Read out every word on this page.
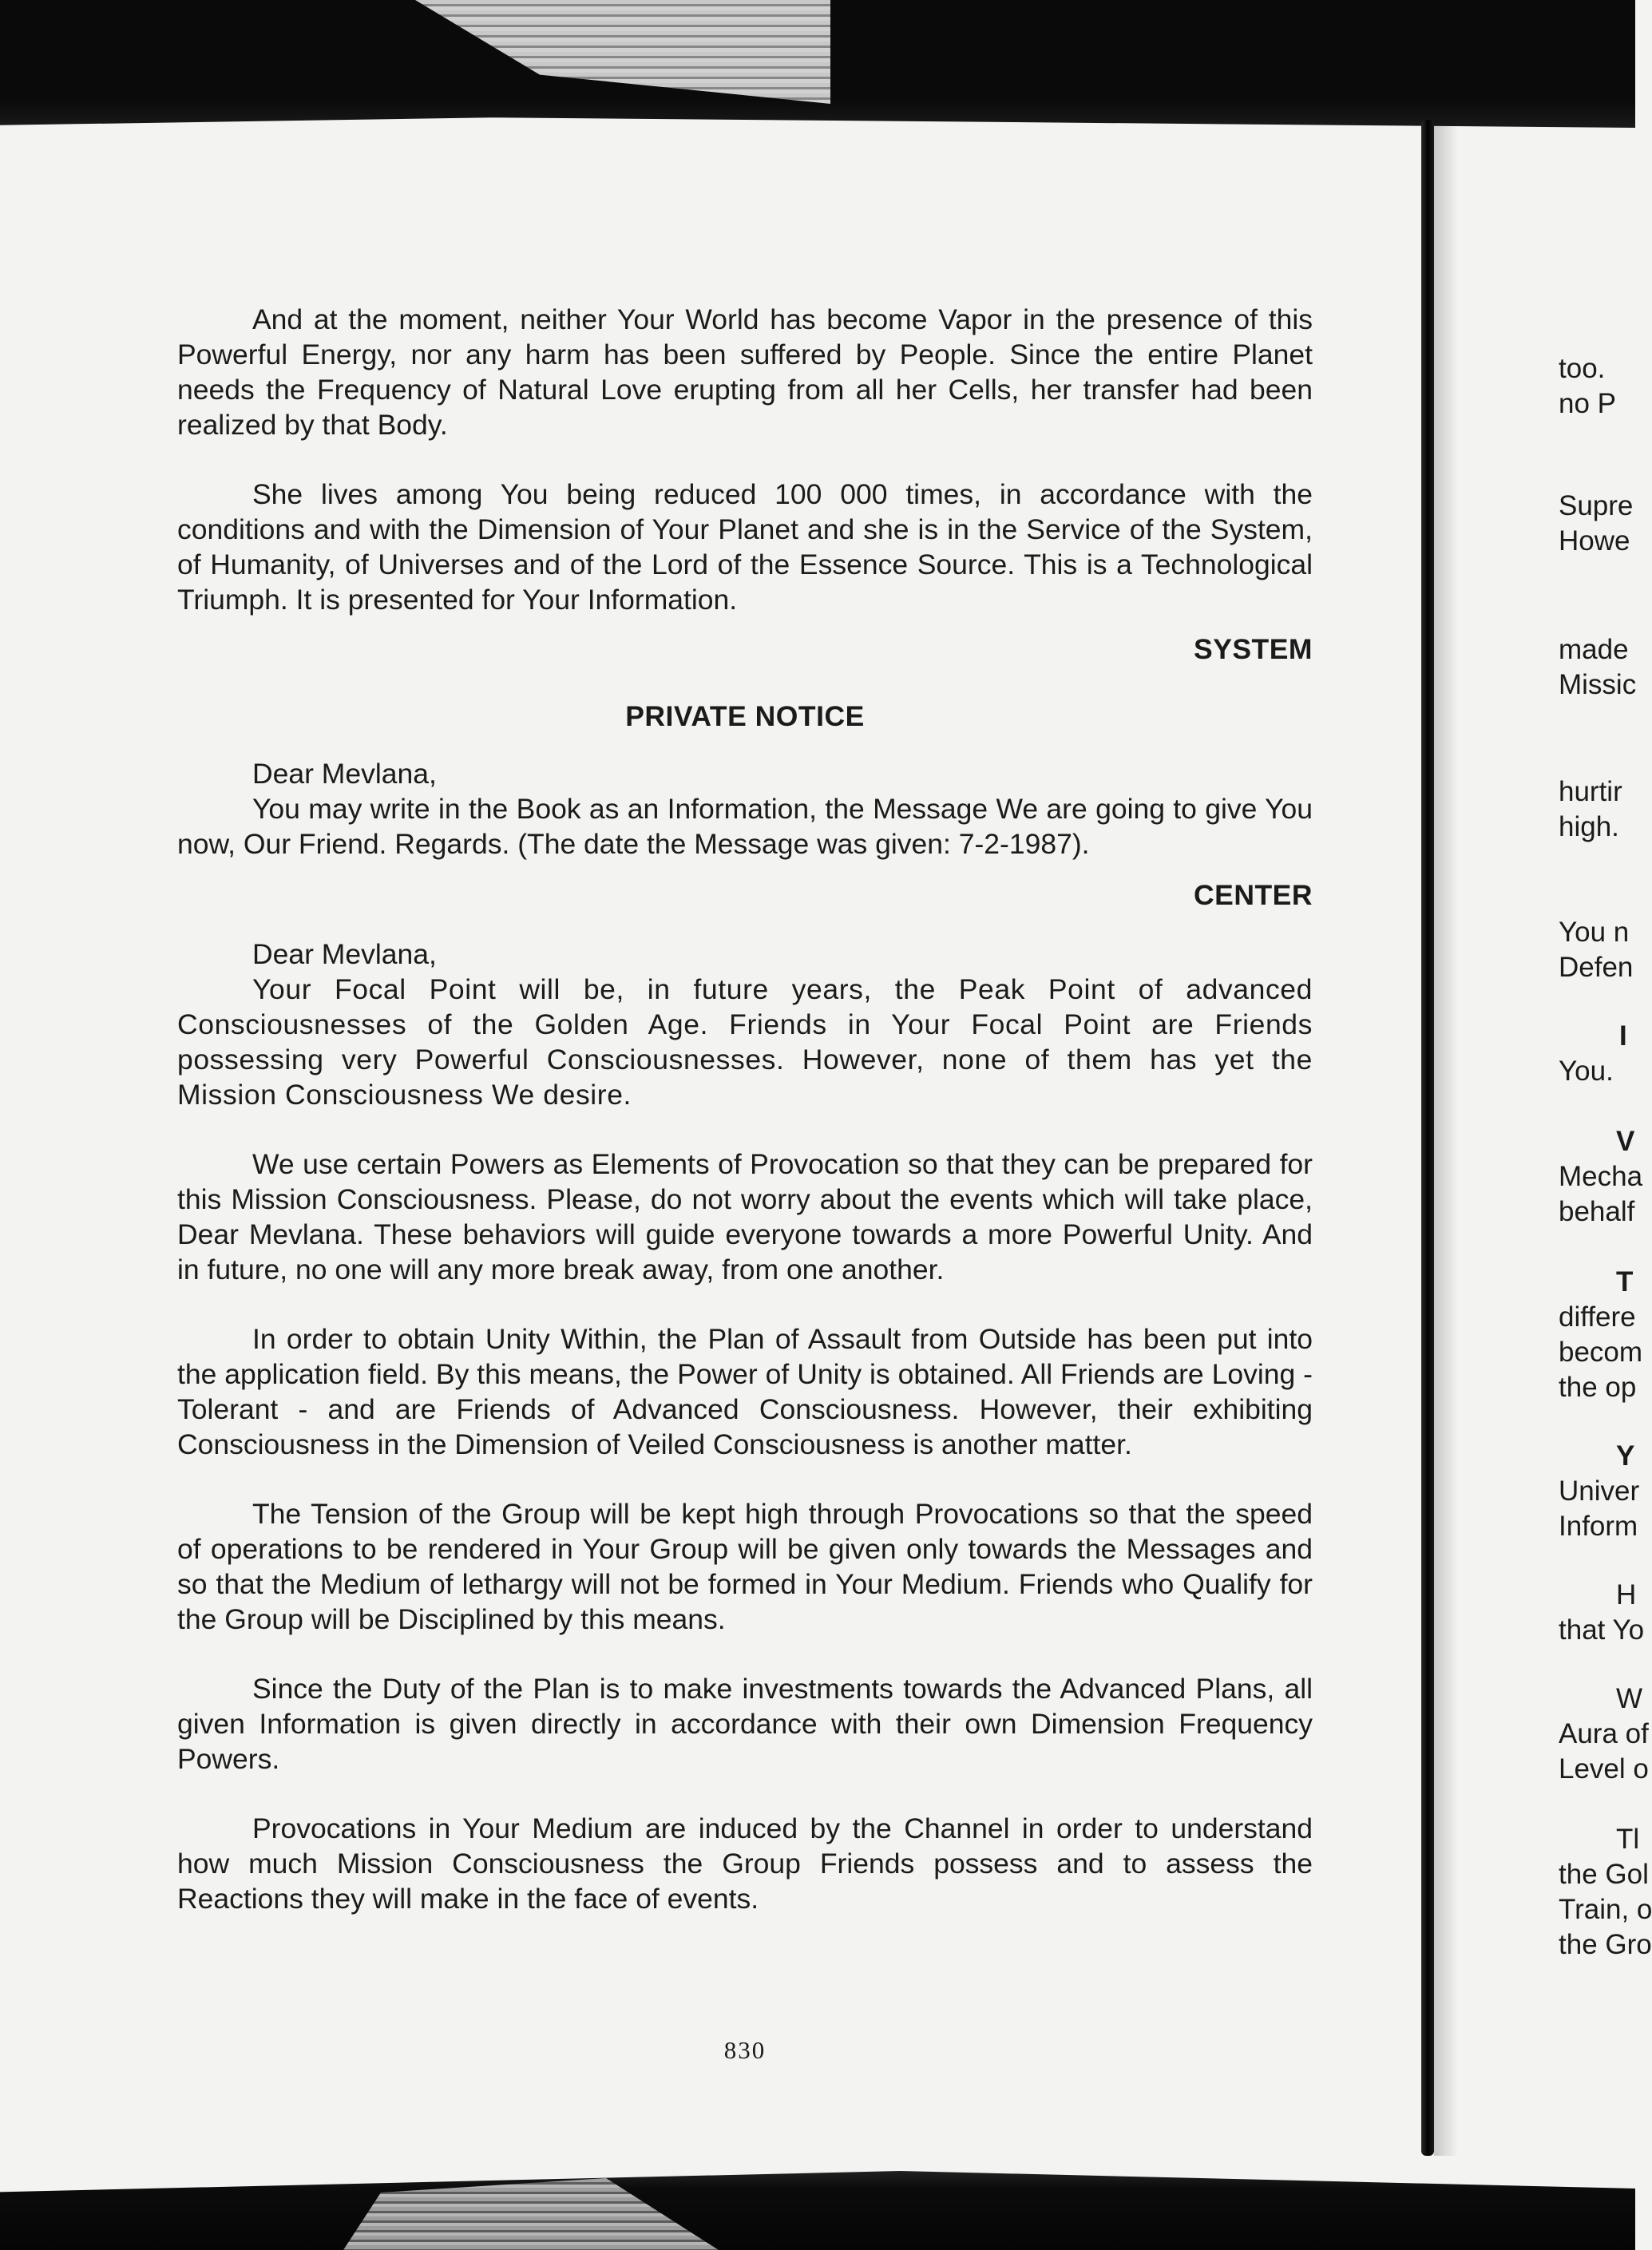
And at the moment, neither Your World has become Vapor in the presence of this Powerful Energy, nor any harm has been suffered by People. Since the entire Planet needs the Frequency of Natural Love erupting from all her Cells, her transfer had been realized by that Body.

She lives among You being reduced 100 000 times, in accordance with the conditions and with the Dimension of Your Planet and she is in the Service of the System, of Humanity, of Universes and of the Lord of the Essence Source. This is a Technological Triumph. It is presented for Your Information.

SYSTEM

PRIVATE NOTICE

Dear Mevlana,

You may write in the Book as an Information, the Message We are going to give You now, Our Friend. Regards. (The date the Message was given: 7-2-1987).

CENTER

Dear Mevlana,

Your Focal Point will be, in future years, the Peak Point of advanced Consciousnesses of the Golden Age. Friends in Your Focal Point are Friends possessing very Powerful Consciousnesses. However, none of them has yet the Mission Consciousness We desire.

We use certain Powers as Elements of Provocation so that they can be prepared for this Mission Consciousness. Please, do not worry about the events which will take place, Dear Mevlana. These behaviors will guide everyone towards a more Powerful Unity. And in future, no one will any more break away, from one another.

In order to obtain Unity Within, the Plan of Assault from Outside has been put into the application field. By this means, the Power of Unity is obtained. All Friends are Loving - Tolerant - and are Friends of Advanced Consciousness. However, their exhibiting Consciousness in the Dimension of Veiled Consciousness is another matter.

The Tension of the Group will be kept high through Provocations so that the speed of operations to be rendered in Your Group will be given only towards the Messages and so that the Medium of lethargy will not be formed in Your Medium. Friends who Qualify for the Group will be Disciplined by this means.

Since the Duty of the Plan is to make investments towards the Advanced Plans, all given Information is given directly in accordance with their own Dimension Frequency Powers.

Provocations in Your Medium are induced by the Channel in order to understand how much Mission Consciousness the Group Friends possess and to assess the Reactions they will make in the face of events.

830
too.
no P
Supre
Howe
made
Missic
hurtir
high.
You n
Defen
I
You.
V
Mecha
behalf
T
differe
becom
the op
Y
Univer
Inform
H
that Yo
W
Aura of
Level o
Tl
the Gol
Train, o
the Gro
